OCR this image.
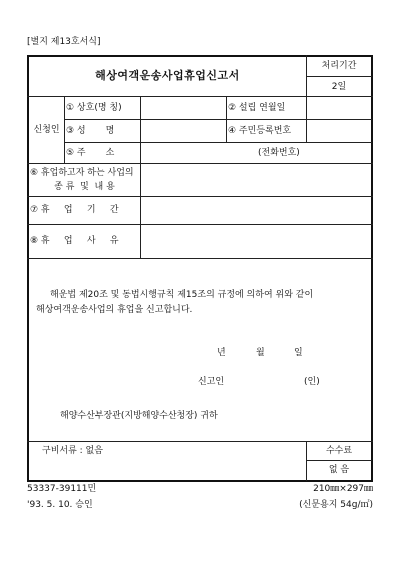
[별지 제13호서식]
해상여객운송사업휴업신고서
처리기간
2일
신청인
① 상호(명 칭)	② 설립 연월일
③ 성       명	④ 주민등록번호
⑤ 주       소	(전화번호)
⑥ 휴업하고자 하는 사업의
종 류  및  내 용
⑦ 휴     업     기     간
⑧ 휴     업     사     유
해운법 제20조 및 동법시행규칙 제15조의 규정에 의하여 위와 같이
해상여객운송사업의 휴업을 신고합니다.
년	월	일
신고인	(인)
해양수산부장관(지방해양수산청장) 귀하
구비서류 : 없음	수수료
없 음
53337-39111민
'93. 5. 10. 승인
210㎜×297㎜
(신문용지 54g/㎡)
